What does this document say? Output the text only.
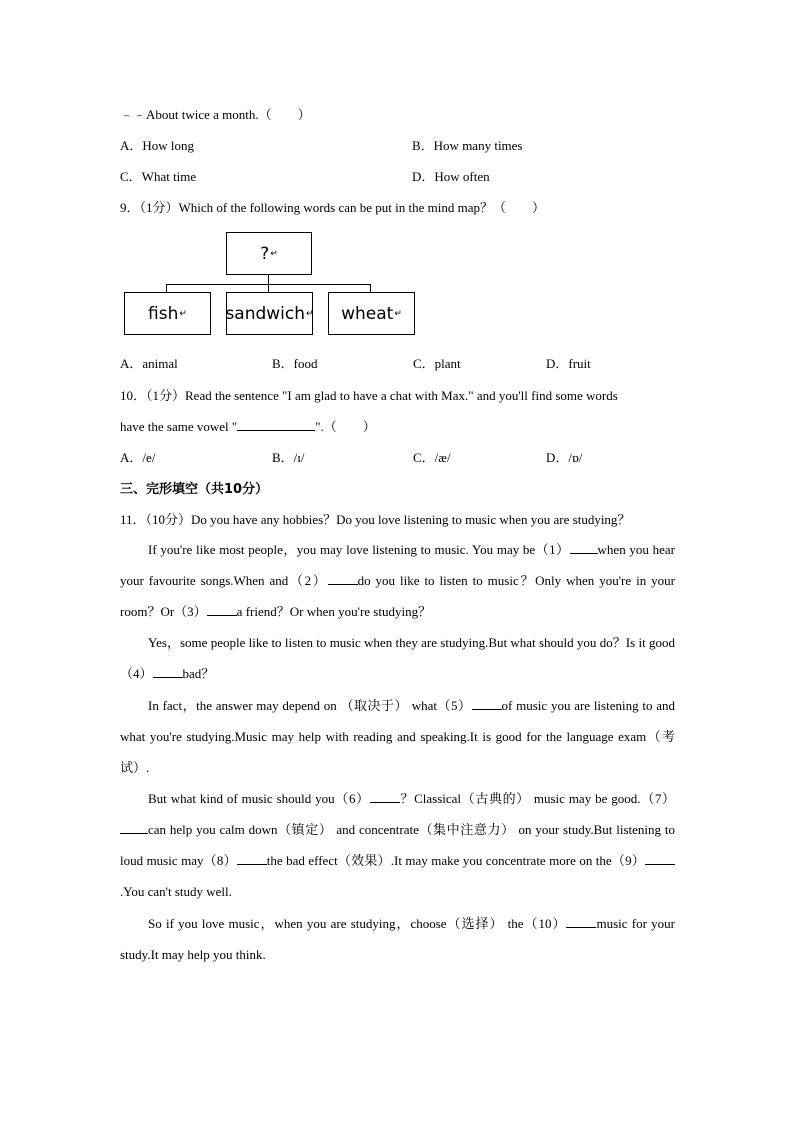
﹣﹣About twice a month.（　　）
A．How long	B．How many times
C．What time	D．How often
9．（1分）Which of the following words can be put in the mind map？（　　）
? ↵
fish ↵ sandwich ↵ wheat ↵
A．animal	B．food	C．plant	D．fruit
10．（1分）Read the sentence "I am glad to have a chat with Max." and you'll find some words
have the same vowel "	".（　　）
A．/e/	B．/ɪ/	C．/æ/	D．/ɒ/
三、完形填空（共10分）
11．（10分）Do you have any hobbies？Do you love listening to music when you are studying？
If you're like most people，you may love listening to music. You may be（1） when you hear your favourite songs.When and（2） do you like to listen to music？Only when you're in your room？Or（3） a friend？Or when you're studying？
Yes，some people like to listen to music when they are studying.But what should you do？Is it good（4） bad？
In fact，the answer may depend on （取决于） what（5） of music you are listening to and what you're studying.Music may help with reading and speaking.It is good for the language exam（考试）.
But what kind of music should you（6） ？Classical（古典的） music may be good.（7）can help you calm down（镇定） and concentrate（集中注意力） on your study.But listening to loud music may（8） the bad effect（效果）.It may make you concentrate more on the（9）.You can't study well.
So if you love music，when you are studying，choose（选择） the（10） music for your study.It may help you think.
